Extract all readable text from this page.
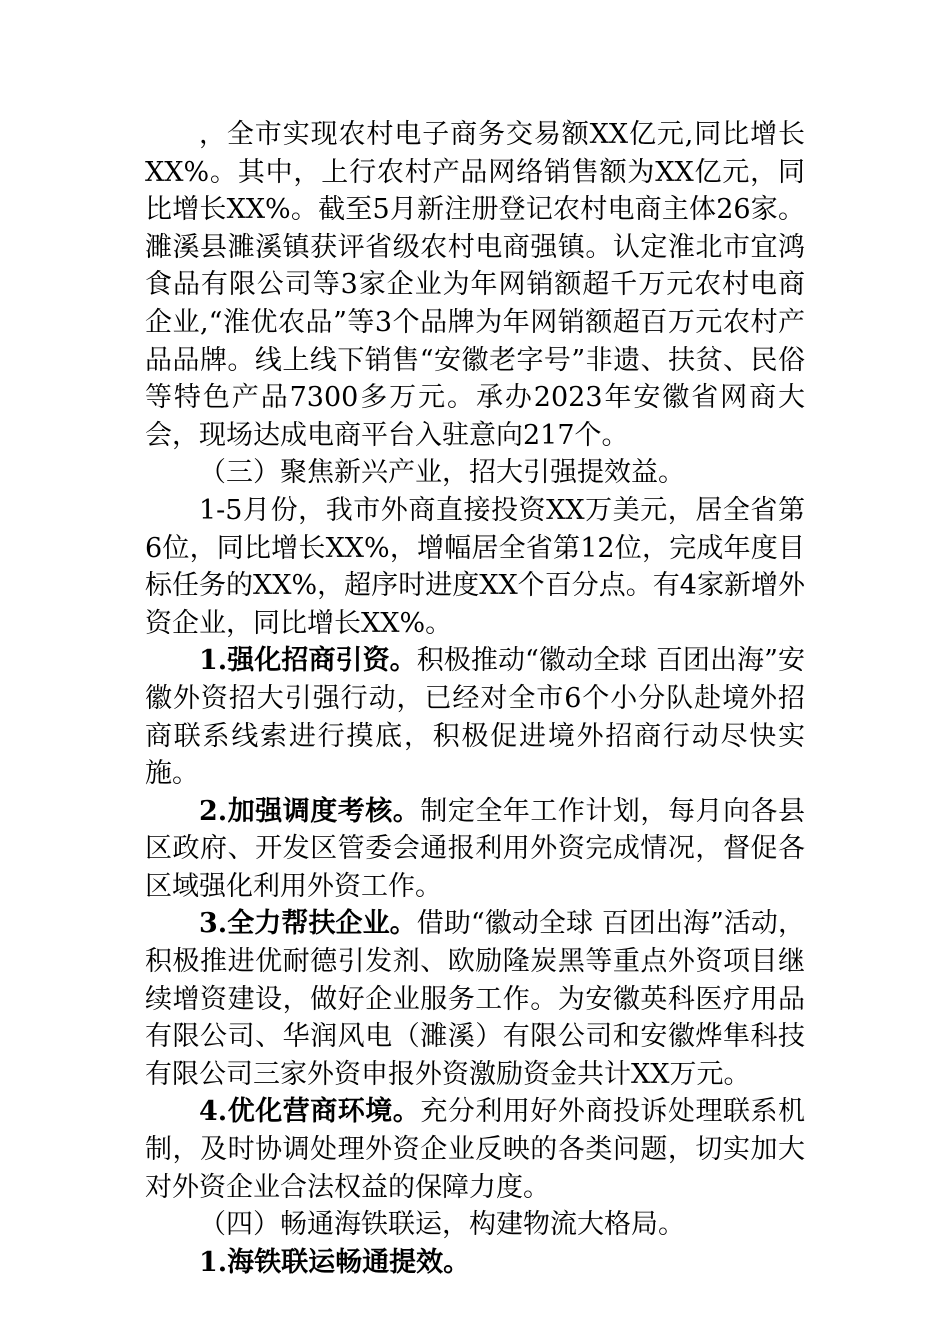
，全市实现农村电子商务交易额XX亿元,同比增长XX%。其中，上行农村产品网络销售额为XX亿元，同比增长XX%。截至5月新注册登记农村电商主体26家。濉溪县濉溪镇获评省级农村电商强镇。认定淮北市宜鸿食品有限公司等3家企业为年网销额超千万元农村电商企业,“淮优农品”等3个品牌为年网销额超百万元农村产品品牌。线上线下销售“安徽老字号”非遗、扶贫、民俗等特色产品7300多万元。承办2023年安徽省网商大会，现场达成电商平台入驻意向217个。

（三）聚焦新兴产业，招大引强提效益。

1-5月份，我市外商直接投资XX万美元，居全省第6位，同比增长XX%，增幅居全省第12位，完成年度目标任务的XX%，超序时进度XX个百分点。有4家新增外资企业，同比增长XX%。

1.强化招商引资。积极推动“徽动全球 百团出海”安徽外资招大引强行动，已经对全市6个小分队赴境外招商联系线索进行摸底，积极促进境外招商行动尽快实施。

2.加强调度考核。制定全年工作计划，每月向各县区政府、开发区管委会通报利用外资完成情况，督促各区域强化利用外资工作。

3.全力帮扶企业。借助“徽动全球 百团出海”活动，积极推进优耐德引发剂、欧励隆炭黑等重点外资项目继续增资建设，做好企业服务工作。为安徽英科医疗用品有限公司、华润风电（濉溪）有限公司和安徽烨隼科技有限公司三家外资申报外资激励资金共计XX万元。

4.优化营商环境。充分利用好外商投诉处理联系机制，及时协调处理外资企业反映的各类问题，切实加大对外资企业合法权益的保障力度。

（四）畅通海铁联运，构建物流大格局。

1.海铁联运畅通提效。
